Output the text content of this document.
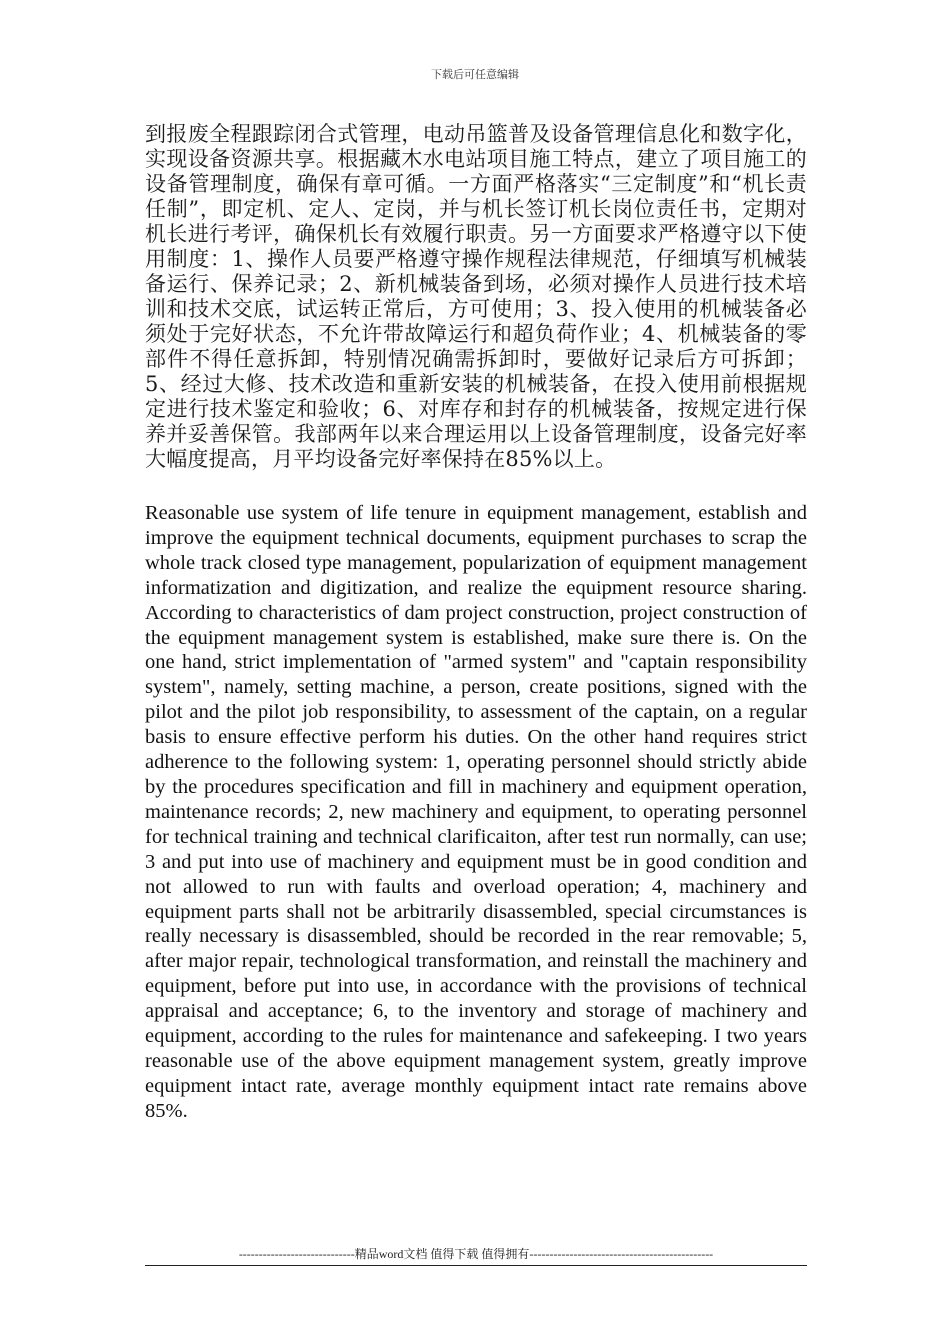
下载后可任意编辑

到报废全程跟踪闭合式管理，电动吊篮普及设备管理信息化和数字化，实现设备资源共享。根据藏木水电站项目施工特点，建立了项目施工的设备管理制度，确保有章可循。一方面严格落实“三定制度”和“机长责任制”，即定机、定人、定岗，并与机长签订机长岗位责任书，定期对机长进行考评，确保机长有效履行职责。另一方面要求严格遵守以下使用制度：1、操作人员要严格遵守操作规程法律规范，仔细填写机械装备运行、保养记录；2、新机械装备到场，必须对操作人员进行技术培训和技术交底，试运转正常后，方可使用；3、投入使用的机械装备必须处于完好状态，不允许带故障运行和超负荷作业；4、机械装备的零部件不得任意拆卸，特别情况确需拆卸时，要做好记录后方可拆卸；5、经过大修、技术改造和重新安装的机械装备，在投入使用前根据规定进行技术鉴定和验收；6、对库存和封存的机械装备，按规定进行保养并妥善保管。我部两年以来合理运用以上设备管理制度，设备完好率大幅度提高，月平均设备完好率保持在85%以上。

Reasonable use system of life tenure in equipment management, establish and improve the equipment technical documents, equipment purchases to scrap the whole track closed type management, popularization of equipment management informatization and digitization, and realize the equipment resource sharing. According to characteristics of dam project construction, project construction of the equipment management system is established, make sure there is. On the one hand, strict implementation of "armed system" and "captain responsibility system", namely, setting machine, a person, create positions, signed with the pilot and the pilot job responsibility, to assessment of the captain, on a regular basis to ensure effective perform his duties. On the other hand requires strict adherence to the following system: 1, operating personnel should strictly abide by the procedures specification and fill in machinery and equipment operation, maintenance records; 2, new machinery and equipment, to operating personnel for technical training and technical clarificaiton, after test run normally, can use; 3 and put into use of machinery and equipment must be in good condition and not allowed to run with faults and overload operation; 4, machinery and equipment parts shall not be arbitrarily disassembled, special circumstances is really necessary is disassembled, should be recorded in the rear removable; 5, after major repair, technological transformation, and reinstall the machinery and equipment, before put into use, in accordance with the provisions of technical appraisal and acceptance; 6, to the inventory and storage of machinery and equipment, according to the rules for maintenance and safekeeping. I two years reasonable use of the above equipment management system, greatly improve equipment intact rate, average monthly equipment intact rate remains above 85%.

-----------------------------精品word文档 值得下载 值得拥有----------------------------------------------
